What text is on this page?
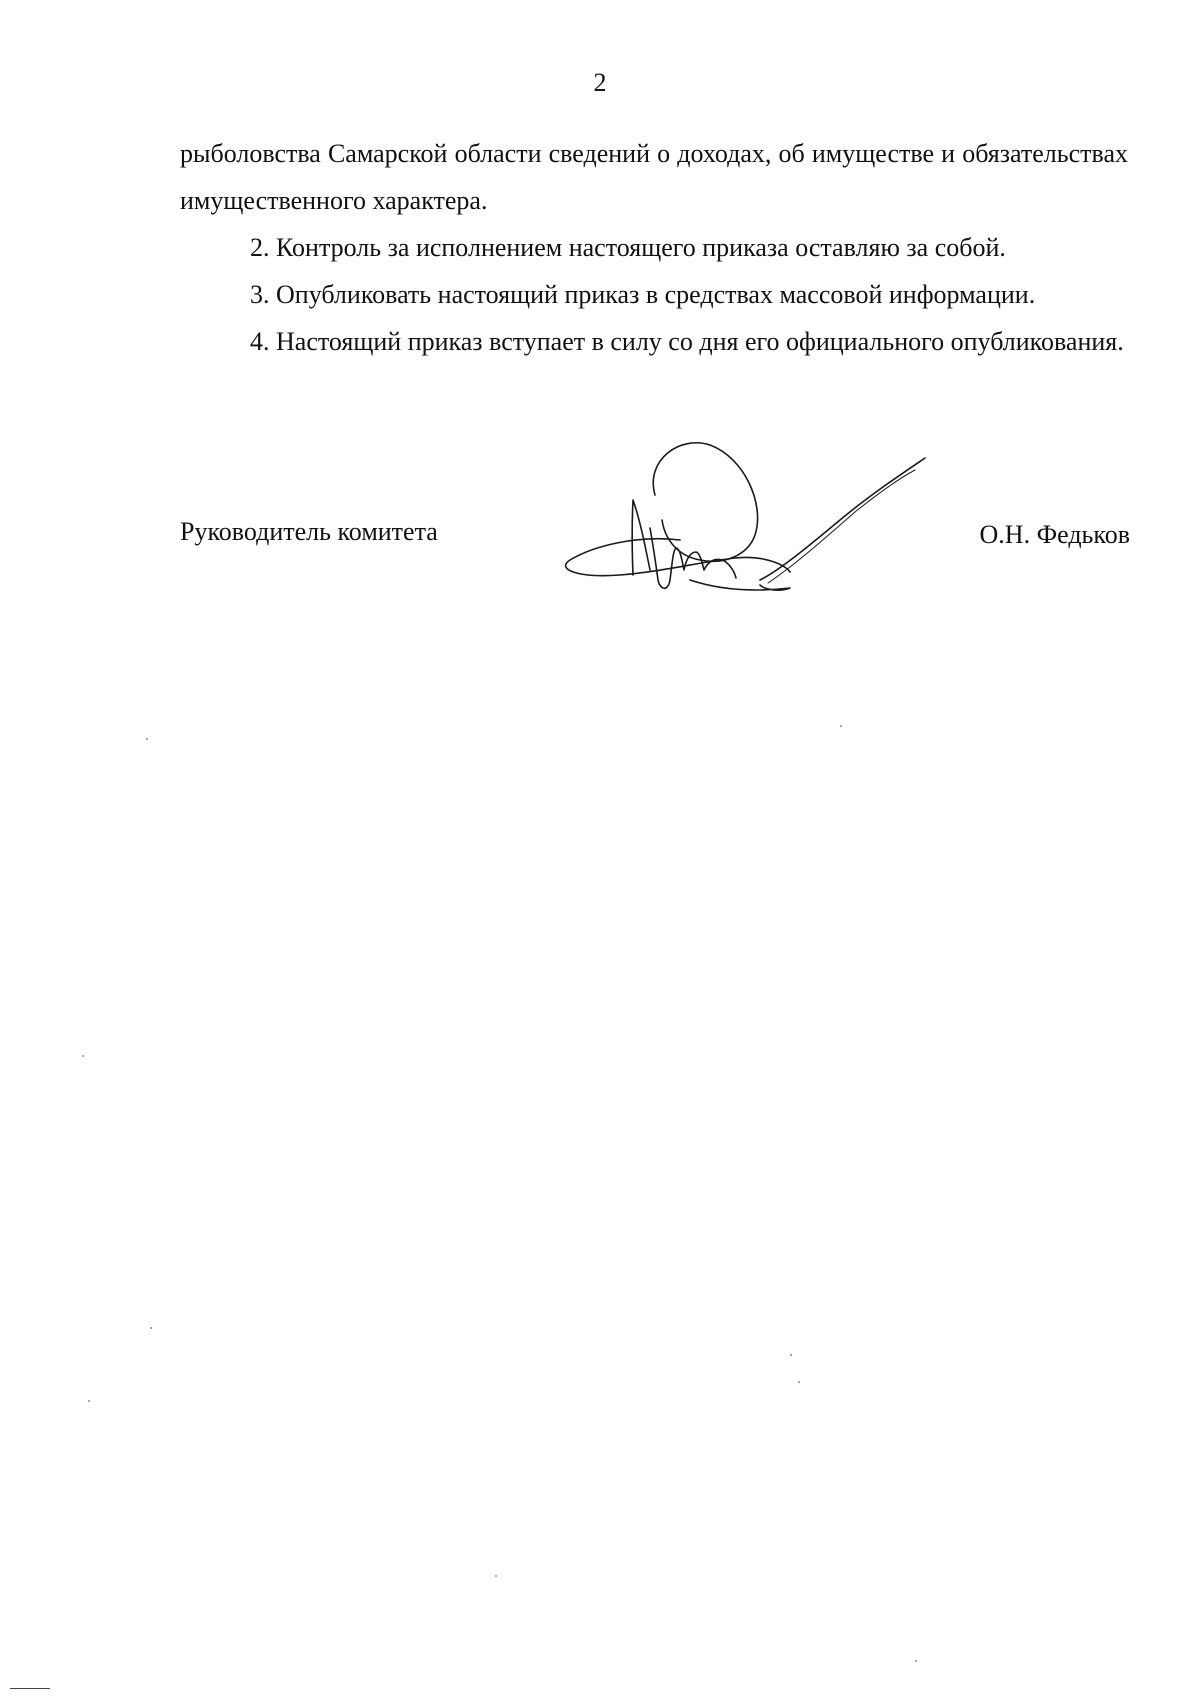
2

рыболовства Самарской области сведений о доходах, об имуществе и обязательствах имущественного характера.

2. Контроль за исполнением настоящего приказа оставляю за собой.

3. Опубликовать настоящий приказ в средствах массовой информации.

4. Настоящий приказ вступает в силу со дня его официального опубликования.

Руководитель комитета	О.Н. Федьков
